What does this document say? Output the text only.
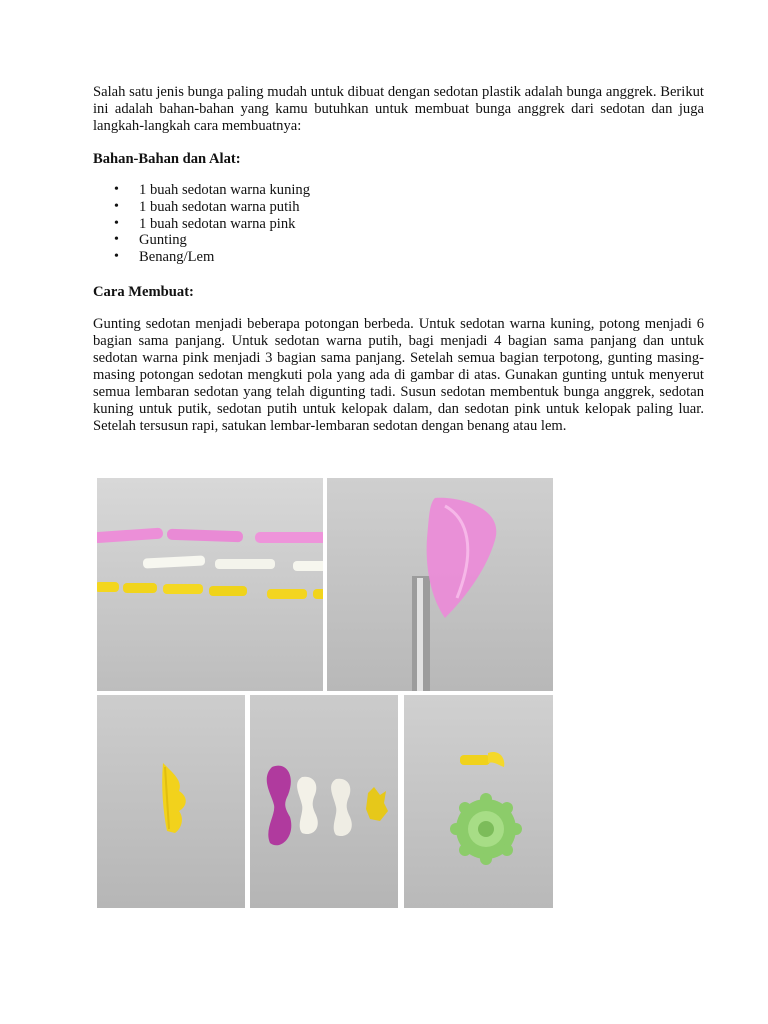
Salah satu jenis bunga paling mudah untuk dibuat dengan sedotan plastik adalah bunga anggrek. Berikut ini adalah bahan-bahan yang kamu butuhkan untuk membuat bunga anggrek dari sedotan dan juga langkah-langkah cara membuatnya:

Bahan-Bahan dan Alat:
• 1 buah sedotan warna kuning
• 1 buah sedotan warna putih
• 1 buah sedotan warna pink
• Gunting
• Benang/Lem
Cara Membuat:

Gunting sedotan menjadi beberapa potongan berbeda. Untuk sedotan warna kuning, potong menjadi 6 bagian sama panjang. Untuk sedotan warna putih, bagi menjadi 4 bagian sama panjang dan untuk sedotan warna pink menjadi 3 bagian sama panjang. Setelah semua bagian terpotong, gunting masing-masing potongan sedotan mengkuti pola yang ada di gambar di atas. Gunakan gunting untuk menyerut semua lembaran sedotan yang telah digunting tadi. Susun sedotan membentuk bunga anggrek, sedotan kuning untuk putik, sedotan putih untuk kelopak dalam, dan sedotan pink untuk kelopak paling luar. Setelah tersusun rapi, satukan lembar-lembaran sedotan dengan benang atau lem.
